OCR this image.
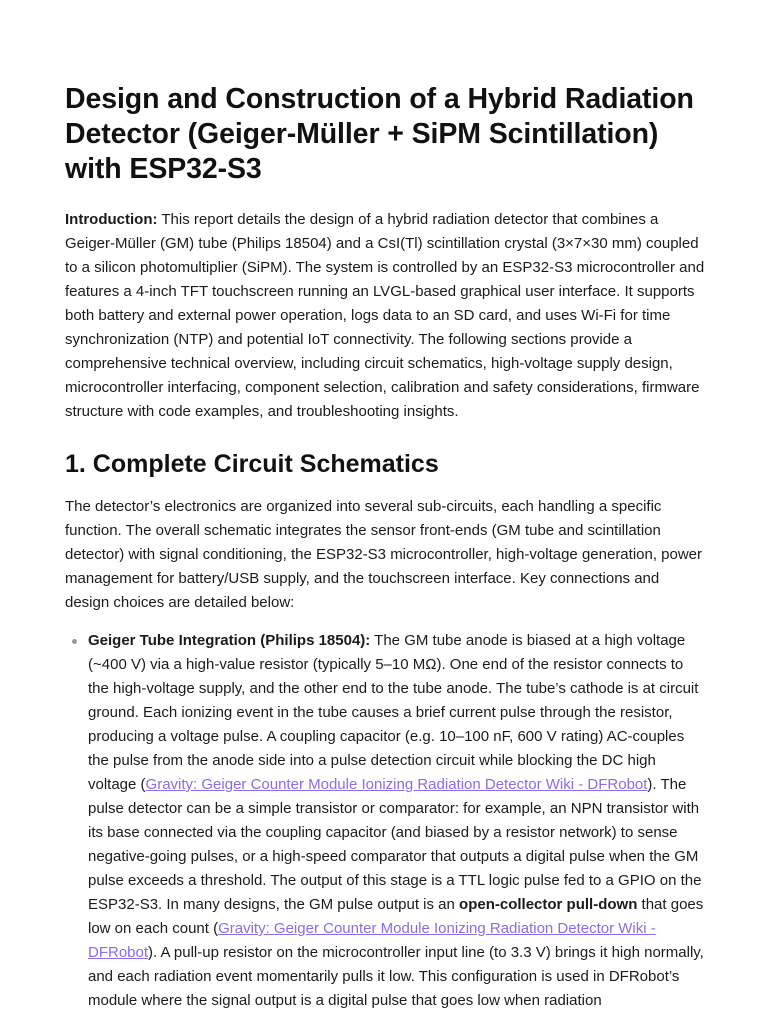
Design and Construction of a Hybrid Radiation Detector (Geiger-Müller + SiPM Scintillation) with ESP32-S3

Introduction: This report details the design of a hybrid radiation detector that combines a Geiger-Müller (GM) tube (Philips 18504) and a CsI(Tl) scintillation crystal (3×7×30 mm) coupled to a silicon photomultiplier (SiPM). The system is controlled by an ESP32-S3 microcontroller and features a 4-inch TFT touchscreen running an LVGL-based graphical user interface. It supports both battery and external power operation, logs data to an SD card, and uses Wi-Fi for time synchronization (NTP) and potential IoT connectivity. The following sections provide a comprehensive technical overview, including circuit schematics, high-voltage supply design, microcontroller interfacing, component selection, calibration and safety considerations, firmware structure with code examples, and troubleshooting insights.

1. Complete Circuit Schematics

The detector’s electronics are organized into several sub-circuits, each handling a specific function. The overall schematic integrates the sensor front-ends (GM tube and scintillation detector) with signal conditioning, the ESP32-S3 microcontroller, high-voltage generation, power management for battery/USB supply, and the touchscreen interface. Key connections and design choices are detailed below:

Geiger Tube Integration (Philips 18504): The GM tube anode is biased at a high voltage (~400 V) via a high-value resistor (typically 5–10 MΩ). One end of the resistor connects to the high-voltage supply, and the other end to the tube anode. The tube’s cathode is at circuit ground. Each ionizing event in the tube causes a brief current pulse through the resistor, producing a voltage pulse. A coupling capacitor (e.g. 10–100 nF, 600 V rating) AC-couples the pulse from the anode side into a pulse detection circuit while blocking the DC high voltage (Gravity: Geiger Counter Module Ionizing Radiation Detector Wiki - DFRobot). The pulse detector can be a simple transistor or comparator: for example, an NPN transistor with its base connected via the coupling capacitor (and biased by a resistor network) to sense negative-going pulses, or a high-speed comparator that outputs a digital pulse when the GM pulse exceeds a threshold. The output of this stage is a TTL logic pulse fed to a GPIO on the ESP32-S3. In many designs, the GM pulse output is an open-collector pull-down that goes low on each count (Gravity: Geiger Counter Module Ionizing Radiation Detector Wiki - DFRobot). A pull-up resistor on the microcontroller input line (to 3.3 V) brings it high normally, and each radiation event momentarily pulls it low. This configuration is used in DFRobot’s module where the signal output is a digital pulse that goes low when radiation
